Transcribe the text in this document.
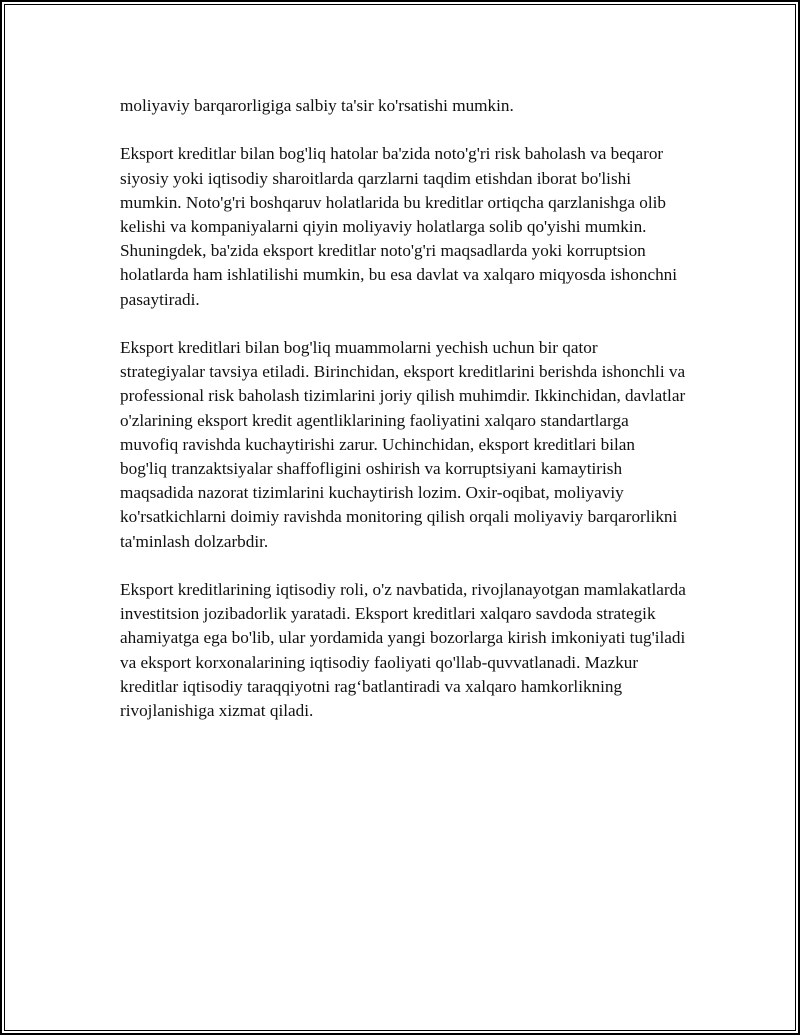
moliyaviy barqarorligiga salbiy ta'sir ko'rsatishi mumkin.

Eksport kreditlar bilan bog'liq hatolar ba'zida noto'g'ri risk baholash va beqaror siyosiy yoki iqtisodiy sharoitlarda qarzlarni taqdim etishdan iborat bo'lishi mumkin. Noto'g'ri boshqaruv holatlarida bu kreditlar ortiqcha qarzlanishga olib kelishi va kompaniyalarni qiyin moliyaviy holatlarga solib qo'yishi mumkin. Shuningdek, ba'zida eksport kreditlar noto'g'ri maqsadlarda yoki korruptsion holatlarda ham ishlatilishi mumkin, bu esa davlat va xalqaro miqyosda ishonchni pasaytiradi.

Eksport kreditlari bilan bog'liq muammolarni yechish uchun bir qator strategiyalar tavsiya etiladi. Birinchidan, eksport kreditlarini berishda ishonchli va professional risk baholash tizimlarini joriy qilish muhimdir. Ikkinchidan, davlatlar o'zlarining eksport kredit agentliklarining faoliyatini xalqaro standartlarga muvofiq ravishda kuchaytirishi zarur. Uchinchidan, eksport kreditlari bilan bog'liq tranzaktsiyalar shaffofligini oshirish va korruptsiyani kamaytirish maqsadida nazorat tizimlarini kuchaytirish lozim. Oxir-oqibat, moliyaviy ko'rsatkichlarni doimiy ravishda monitoring qilish orqali moliyaviy barqarorlikni ta'minlash dolzarbdir.

Eksport kreditlarining iqtisodiy roli, o'z navbatida, rivojlanayotgan mamlakatlarda investitsion jozibadorlik yaratadi. Eksport kreditlari xalqaro savdoda strategik ahamiyatga ega bo'lib, ular yordamida yangi bozorlarga kirish imkoniyati tug'iladi va eksport korxonalarining iqtisodiy faoliyati qo'llab-quvvatlanadi. Mazkur kreditlar iqtisodiy taraqqiyotni rag‘batlantiradi va xalqaro hamkorlikning rivojlanishiga xizmat qiladi.
